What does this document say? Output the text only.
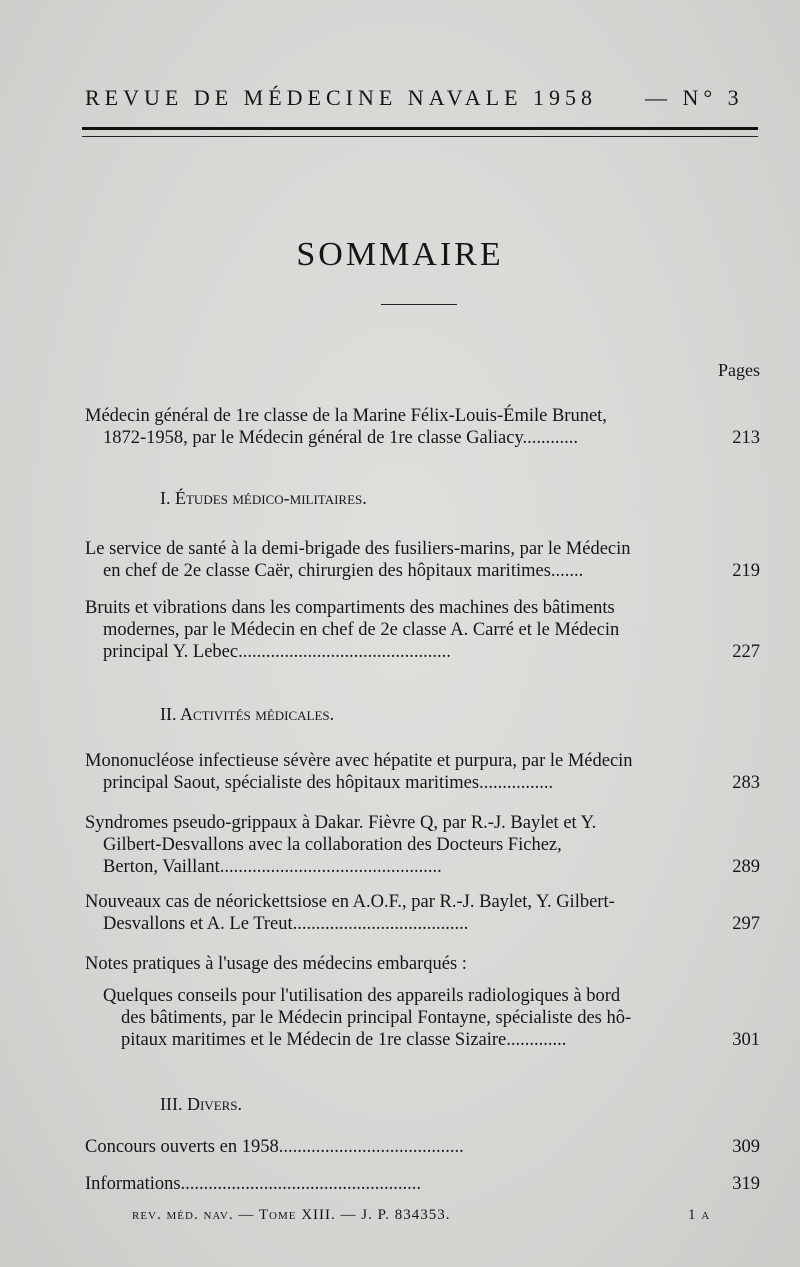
REVUE DE MÉDECINE NAVALE 1958 — N° 3
SOMMAIRE
Pages
Médecin général de 1re classe de la Marine Félix-Louis-Émile Brunet,
1872-1958, par le Médecin général de 1re classe Galiacy............	213
I. Études médico-militaires.
Le service de santé à la demi-brigade des fusiliers-marins, par le Médecin
en chef de 2e classe Caër, chirurgien des hôpitaux maritimes.......	219
Bruits et vibrations dans les compartiments des machines des bâtiments
modernes, par le Médecin en chef de 2e classe A. Carré et le Médecin
principal Y. Lebec..............................................	227
II. Activités médicales.
Mononucléose infectieuse sévère avec hépatite et purpura, par le Médecin
principal Saout, spécialiste des hôpitaux maritimes................	283
Syndromes pseudo-grippaux à Dakar. Fièvre Q, par R.-J. Baylet et Y.
Gilbert-Desvallons avec la collaboration des Docteurs Fichez,
Berton, Vaillant................................................	289
Nouveaux cas de néorickettsiose en A.O.F., par R.-J. Baylet, Y. Gilbert-
Desvallons et A. Le Treut......................................	297
Notes pratiques à l'usage des médecins embarqués :
Quelques conseils pour l'utilisation des appareils radiologiques à bord
des bâtiments, par le Médecin principal Fontayne, spécialiste des hô-
pitaux maritimes et le Médecin de 1re classe Sizaire.............	301
III. Divers.
Concours ouverts en 1958........................................	309
Informations....................................................	319
rev. méd. nav. — Tome XIII. — J. P. 834353.	1 a
